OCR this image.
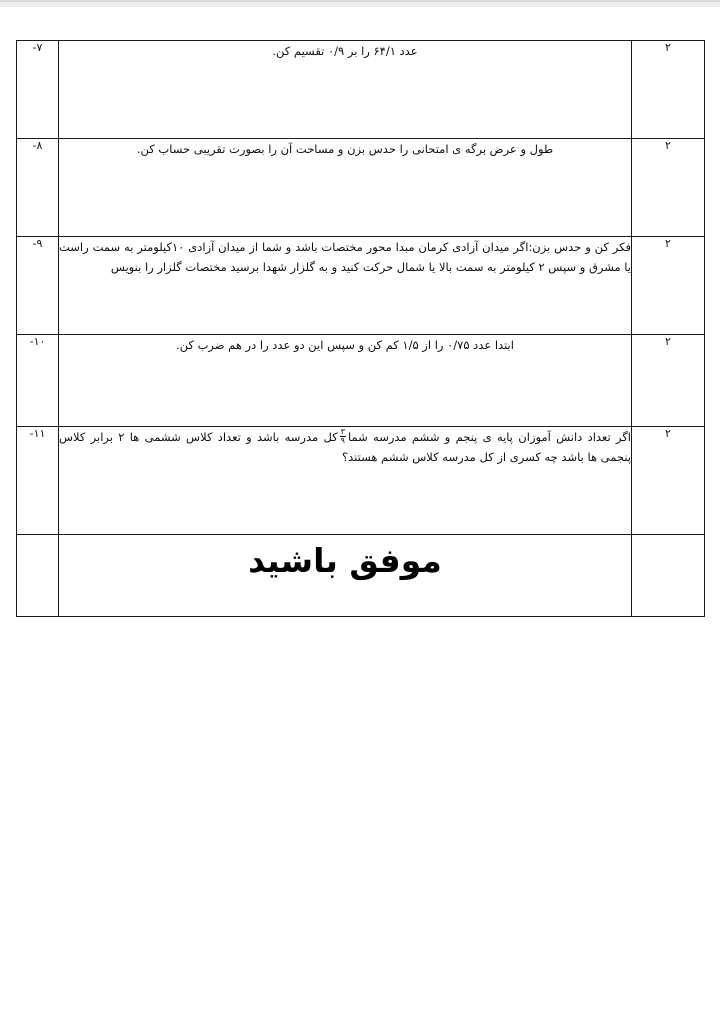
۲	عدد ۶۴/۱ را بر ۰/۹ تقسیم کن.	۷-
۲	طول و عرض برگه ی امتحانی را حدس بزن و مساحت آن را بصورت تقریبی حساب کن.	۸-
۲	فکر کن و حدس بزن:اگر میدان آزادی کرمان مبدا محور مختصات باشد و شما از میدان آزادی ۱۰کیلومتر به سمت راست یا مشرق و سپس ۲ کیلومتر به سمت بالا یا شمال حرکت کنید و به گلزار شهدا برسید مختصات گلزار را بنویس	۹-
۲	ابتدا عدد ۰/۷۵ را از ۱/۵ کم کن و سپس این دو عدد را در هم ضرب کن.	۱۰-
۲	اگر تعداد دانش آموزان پایه ی پنجم و ششم مدرسه شما
$\frac{۳}{۹}$
کل مدرسه باشد و تعداد کلاس ششمی ها ۲ برابر کلاس پنجمی ها باشد چه کسری از کل مدرسه کلاس ششم هستند؟	۱۱-

	موفق باشید	
